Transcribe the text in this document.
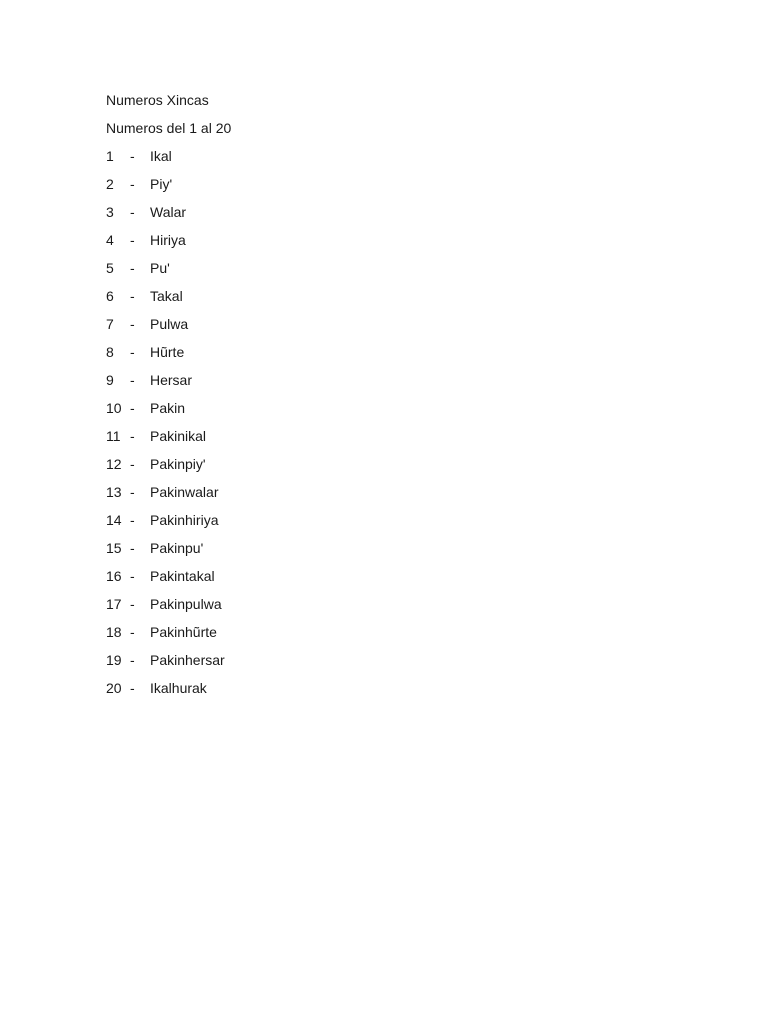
Numeros Xincas
Numeros del 1 al 20
1	-	Ikal
2	-	Piy'
3	-	Walar
4	-	Hiriya
5	-	Pu'
6	-	Takal
7	-	Pulwa
8	-	Hũrte
9	-	Hersar
10 -	Pakin
11 -	Pakinikal
12 -	Pakinpiy'
13 -	Pakinwalar
14 -	Pakinhiriya
15 -	Pakinpu'
16 -	Pakintakal
17 -	Pakinpulwa
18 -	Pakinhũrte
19 -	Pakinhersar
20 -	Ikalhurak
